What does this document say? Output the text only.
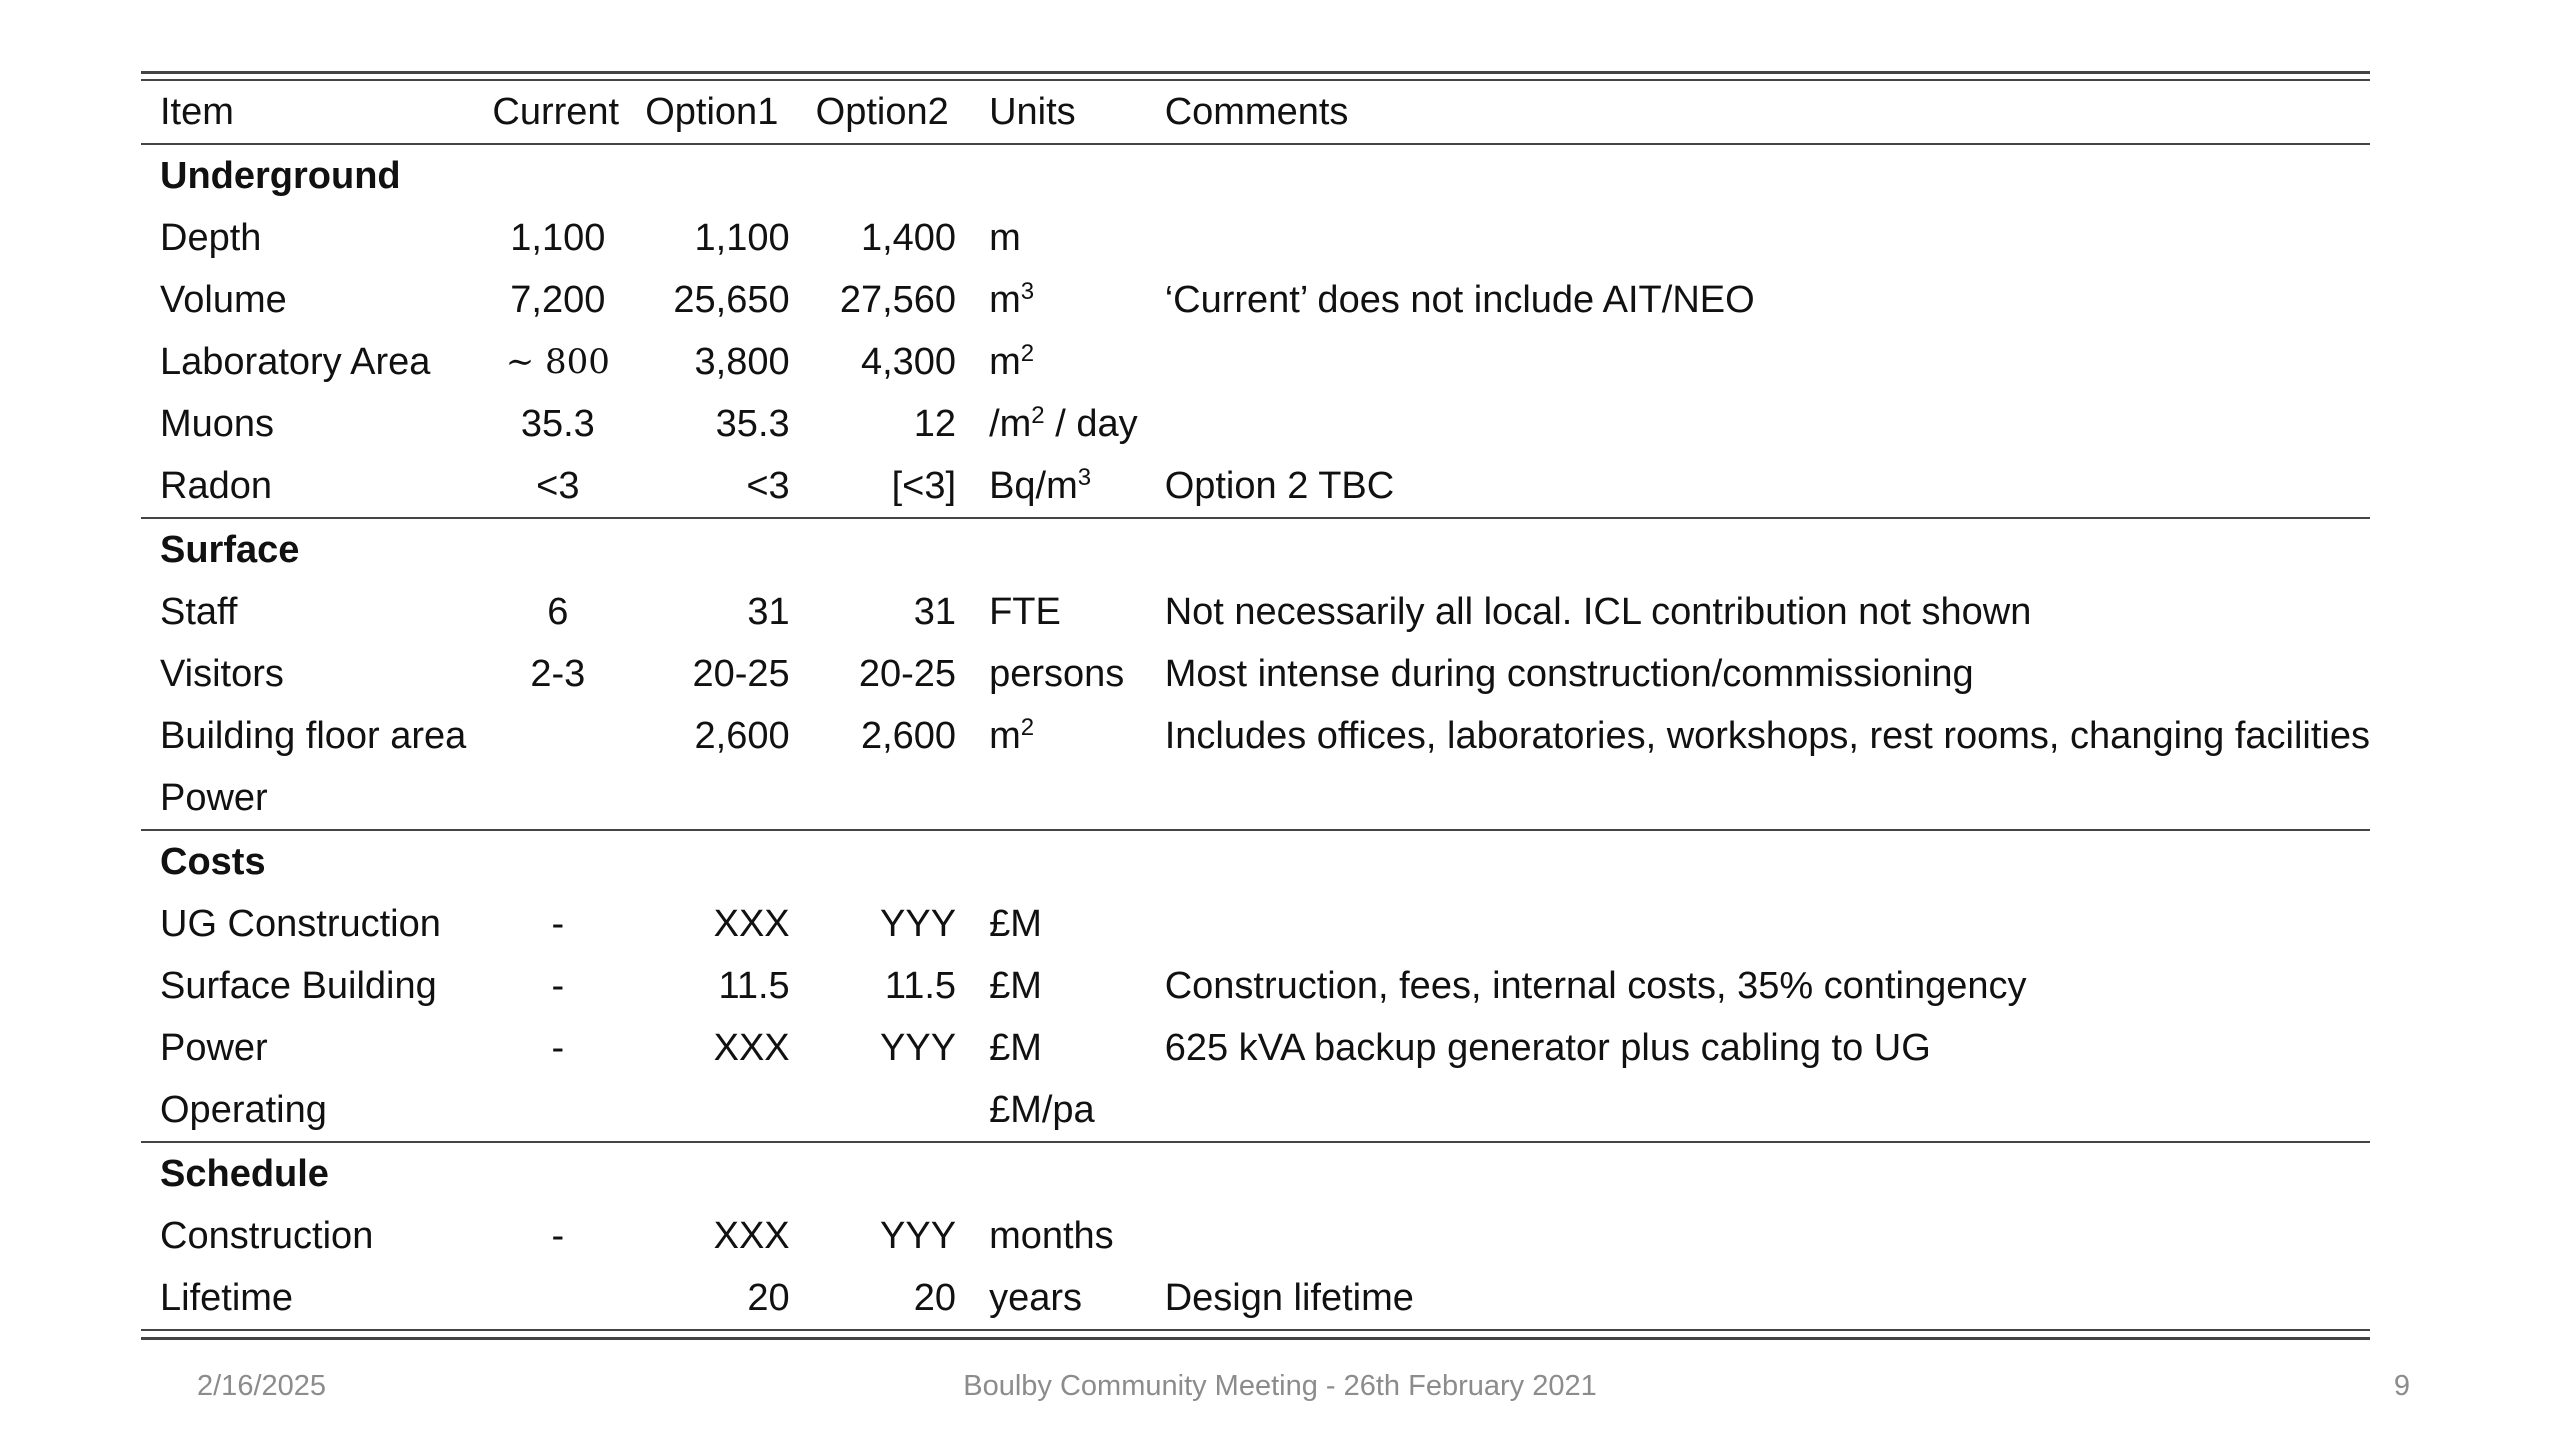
Item	Current	Option1	Option2	Units	Comments
Underground					
Depth	1,100	1,100	1,400	m	
Volume	7,200	25,650	27,560	$m^3$	‘Current’ does not include AIT/NEO
Laboratory Area	∼ 800	3,800	4,300	$m^2$	
Muons	35.3	35.3	12	$/m^2$ / day	
Radon	<3	<3	[<3]	$Bq/m^3$	Option 2 TBC
Surface					
Staff	6	31	31	FTE	Not necessarily all local. ICL contribution not shown
Visitors	2-3	20-25	20-25	persons	Most intense during construction/commissioning
Building floor area		2,600	2,600	$m^2$	Includes offices, laboratories, workshops, rest rooms, changing facilities
Power					
Costs					
UG Construction	-	XXX	YYY	£M	
Surface Building	-	11.5	11.5	£M	Construction, fees, internal costs, 35% contingency
Power	-	XXX	YYY	£M	625 kVA backup generator plus cabling to UG
Operating				£M/pa	
Schedule					
Construction	-	XXX	YYY	months	
Lifetime		20	20	years	Design lifetime
2/16/2025	Boulby Community Meeting - 26th February 2021	9
